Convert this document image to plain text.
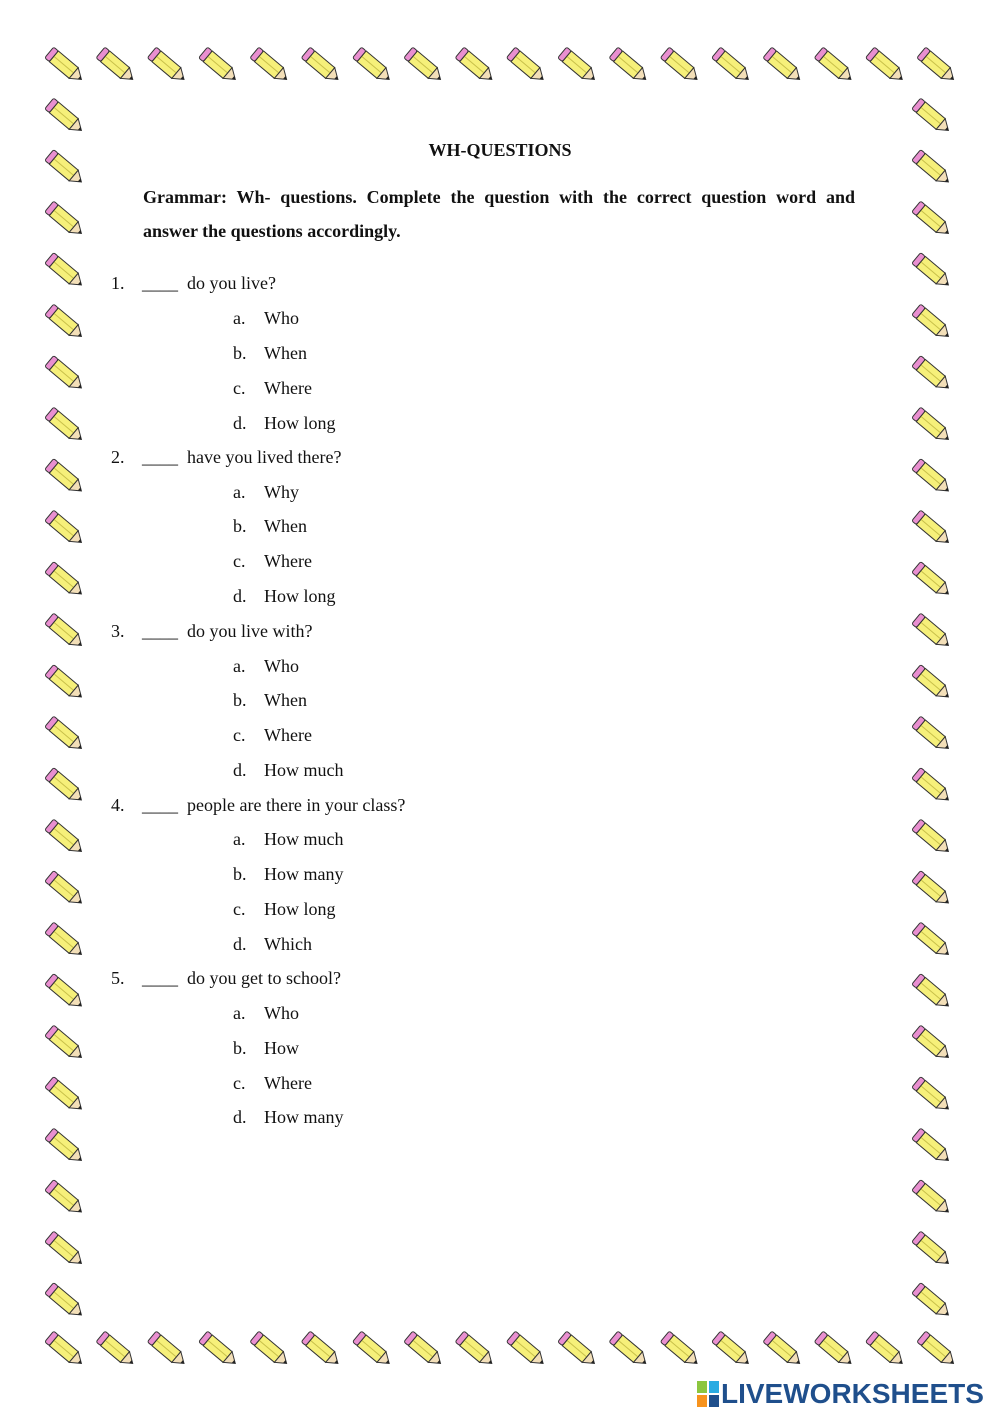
WH-QUESTIONS

Grammar: Wh- questions. Complete the question with the correct question word and answer the questions accordingly.

1. ____ do you live?
a. Who
b. When
c. Where
d. How long
2. ____ have you lived there?
a. Why
b. When
c. Where
d. How long
3. ____ do you live with?
a. Who
b. When
c. Where
d. How much
4. ____ people are there in your class?
a. How much
b. How many
c. How long
d. Which
5. ____ do you get to school?
a. Who
b. How
c. Where
d. How many
LIVEWORKSHEETS
